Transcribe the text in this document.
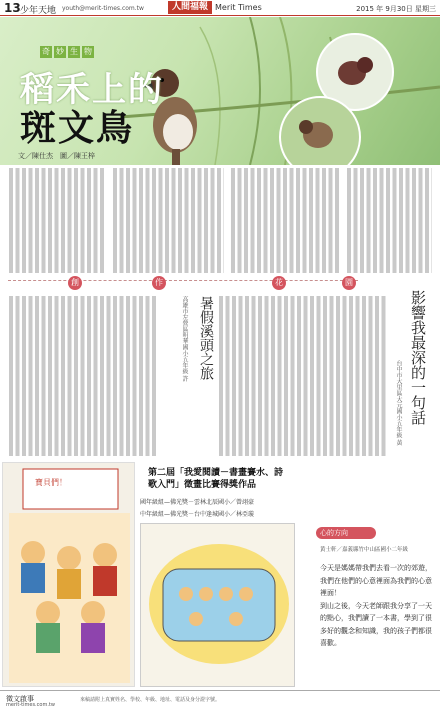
13 少年天地 youth@merit-times.com.tw	人間福報 Merit Times	2015 年 9月30日 星期三
奇 妙 生 物
稻禾上的
斑文鳥
文／陳仕杰　圖／陳王梓
創	作	花	園
暑假溪頭之旅
高雄市左營區明華國小五年級 許	影響我最深的一句話
台中市大里區大元國小五年級 黃
寶貝們！
第二屆「我愛閱讀－書畫賽水、詩歌入門」徵畫比賽得獎作品
國年級組—佛光獎－雲林北辰國小／曾翊豪
中年級組—佛光獎－台中逢城國小／林亞璇
心的方向
黃士軒／嘉義縣竹中山區國小二年級

今天是媽媽帶我們去看一次的郊遊，我們在他們的心意裡面為我們的心意裡面！

到山之後，今天老師跟我分享了一天的點心，我們讀了一本書，學到了很多好的觀念和知識，我的孩子們都很喜歡。

徵文啟事
merit-times.com.tw
來稿請附上真實姓名、學校、年級、地址、電話及身分證字號。
